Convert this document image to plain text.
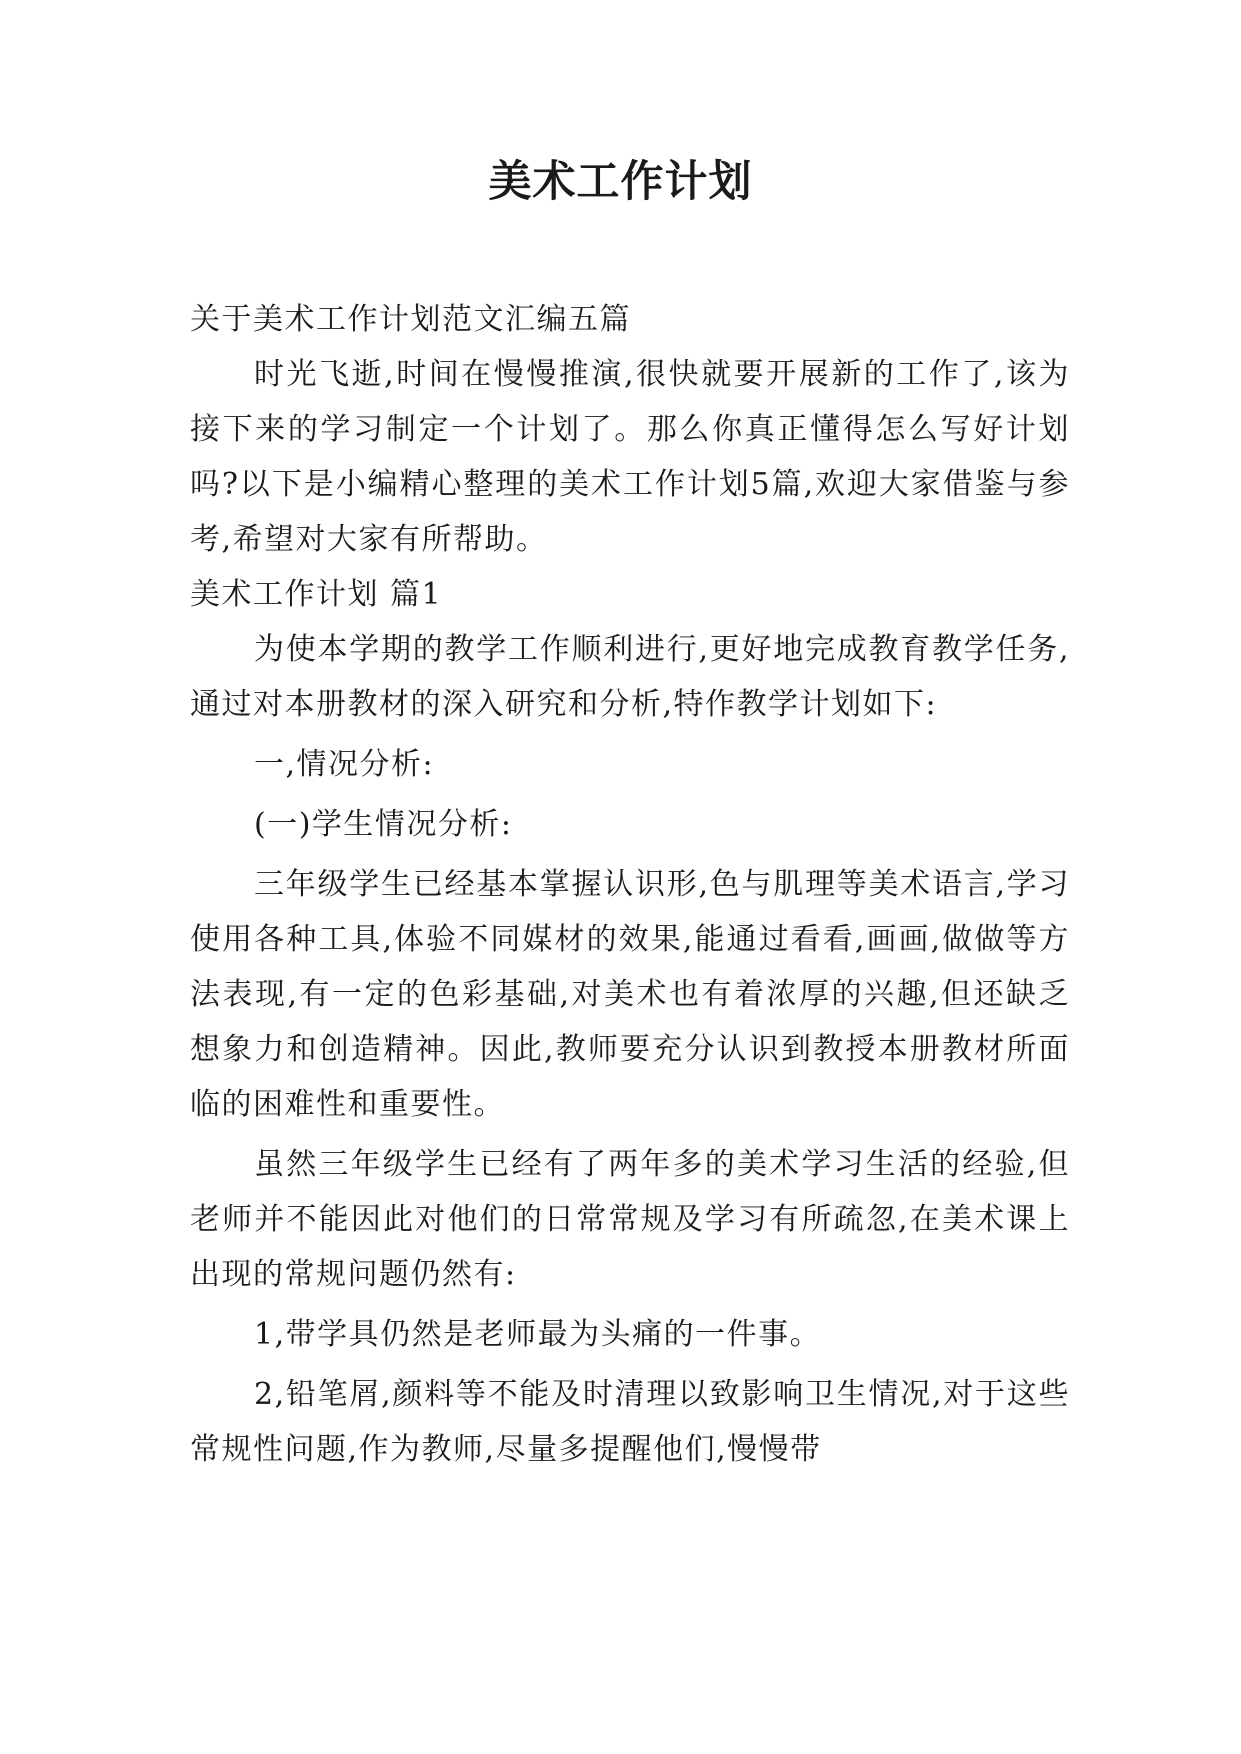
美术工作计划

关于美术工作计划范文汇编五篇

时光飞逝,时间在慢慢推演,很快就要开展新的工作了,该为接下来的学习制定一个计划了。那么你真正懂得怎么写好计划吗?以下是小编精心整理的美术工作计划5篇,欢迎大家借鉴与参考,希望对大家有所帮助。

美术工作计划 篇1

为使本学期的教学工作顺利进行,更好地完成教育教学任务,通过对本册教材的深入研究和分析,特作教学计划如下:

一,情况分析:

(一)学生情况分析:

三年级学生已经基本掌握认识形,色与肌理等美术语言,学习使用各种工具,体验不同媒材的效果,能通过看看,画画,做做等方法表现,有一定的色彩基础,对美术也有着浓厚的兴趣,但还缺乏想象力和创造精神。因此,教师要充分认识到教授本册教材所面临的困难性和重要性。

虽然三年级学生已经有了两年多的美术学习生活的经验,但老师并不能因此对他们的日常常规及学习有所疏忽,在美术课上出现的常规问题仍然有:

1,带学具仍然是老师最为头痛的一件事。

2,铅笔屑,颜料等不能及时清理以致影响卫生情况,对于这些常规性问题,作为教师,尽量多提醒他们,慢慢带
